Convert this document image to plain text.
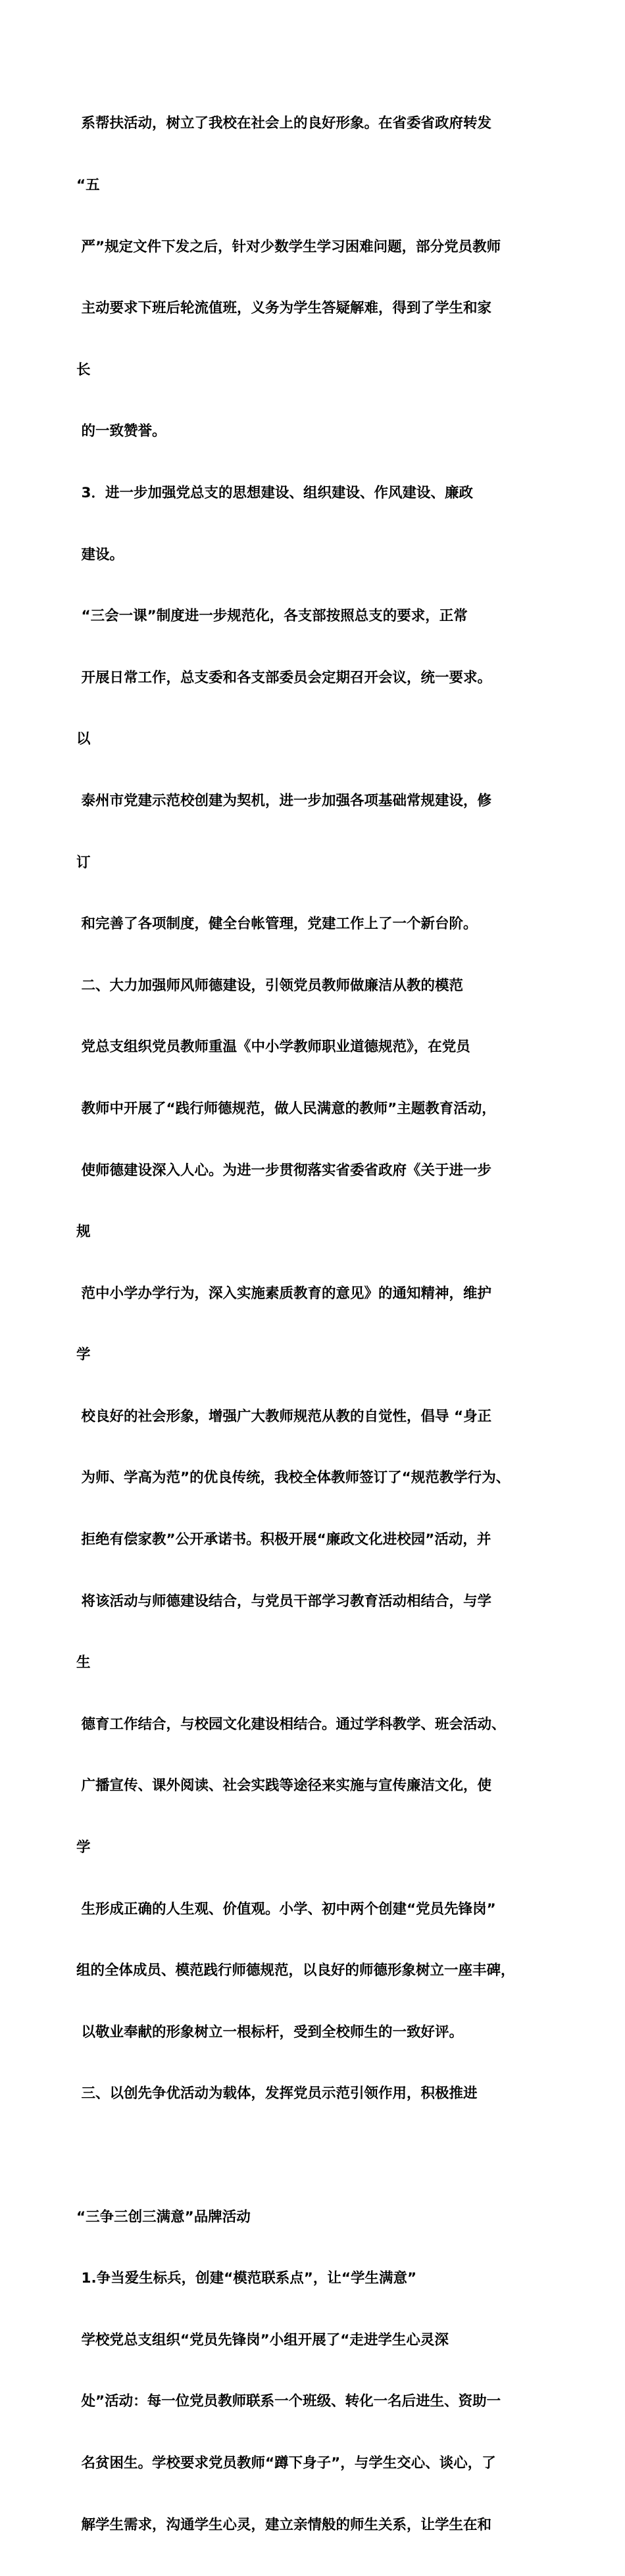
系帮扶活动，树立了我校在社会上的良好形象。在省委省政府转发

“五

严”规定文件下发之后，针对少数学生学习困难问题，部分党员教师

主动要求下班后轮流值班，义务为学生答疑解难，得到了学生和家

长

的一致赞誉。

3．进一步加强党总支的思想建设、组织建设、作风建设、廉政

建设。

“三会一课”制度进一步规范化，各支部按照总支的要求，正常

开展日常工作，总支委和各支部委员会定期召开会议，统一要求。

以

泰州市党建示范校创建为契机，进一步加强各项基础常规建设，修

订

和完善了各项制度，健全台帐管理，党建工作上了一个新台阶。

二、大力加强师风师德建设，引领党员教师做廉洁从教的模范

党总支组织党员教师重温《中小学教师职业道德规范》，在党员

教师中开展了“践行师德规范，做人民满意的教师”主题教育活动，

使师德建设深入人心。为进一步贯彻落实省委省政府《关于进一步

规

范中小学办学行为，深入实施素质教育的意见》的通知精神，维护

学

校良好的社会形象，增强广大教师规范从教的自觉性，倡导 “身正

为师、学高为范”的优良传统，我校全体教师签订了“规范教学行为、

拒绝有偿家教”公开承诺书。积极开展“廉政文化进校园”活动，并

将该活动与师德建设结合，与党员干部学习教育活动相结合，与学

生

德育工作结合，与校园文化建设相结合。通过学科教学、班会活动、

广播宣传、课外阅读、社会实践等途径来实施与宣传廉洁文化，使

学

生形成正确的人生观、价值观。小学、初中两个创建“党员先锋岗”

组的全体成员、模范践行师德规范，以良好的师德形象树立一座丰碑，

以敬业奉献的形象树立一根标杆，受到全校师生的一致好评。

三、以创先争优活动为载体，发挥党员示范引领作用，积极推进

“三争三创三满意”品牌活动

1.争当爱生标兵，创建“模范联系点”，让“学生满意”

学校党总支组织“党员先锋岗”小组开展了“走进学生心灵深

处”活动：每一位党员教师联系一个班级、转化一名后进生、资助一

名贫困生。学校要求党员教师“蹲下身子”，与学生交心、谈心，了

解学生需求，沟通学生心灵，建立亲情般的师生关系，让学生在和
